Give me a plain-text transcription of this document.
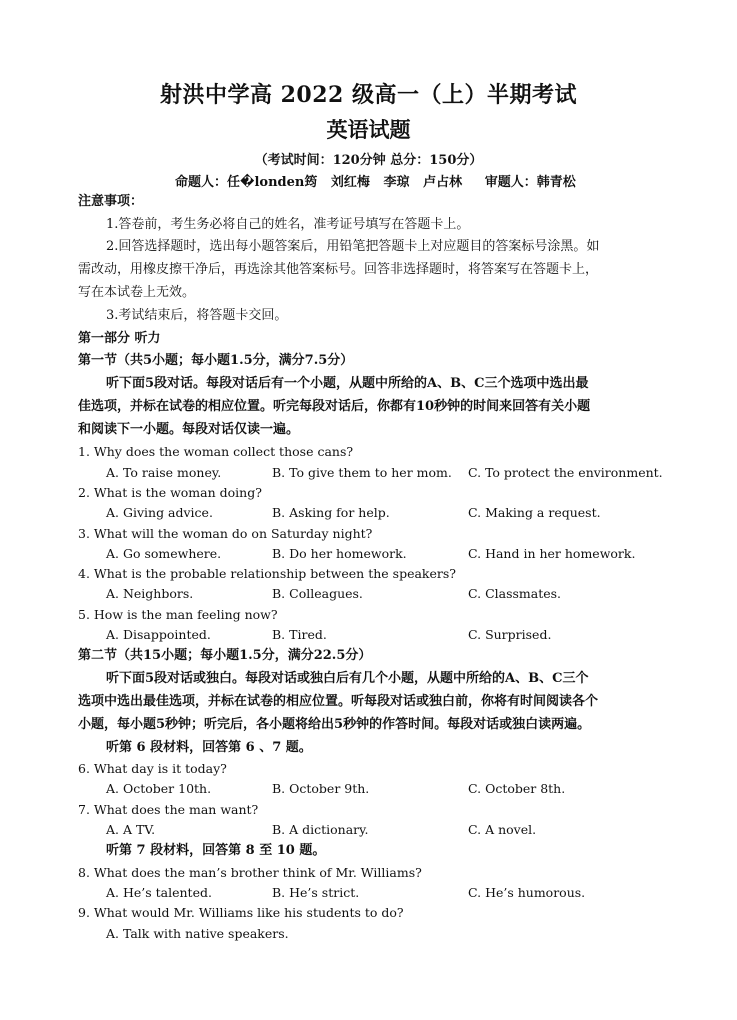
射洪中学高 2022 级高一（上）半期考试
英语试题
（考试时间：120分钟 总分：150分）
命题人：任�londen筠   刘红梅   李琼   卢占林     审题人：韩青松
注意事项：
1.答卷前，考生务必将自己的姓名，准考证号填写在答题卡上。
2.回答选择题时，选出每小题答案后，用铅笔把答题卡上对应题目的答案标号涂黑。如
需改动，用橡皮擦干净后，再选涂其他答案标号。回答非选择题时，将答案写在答题卡上，
写在本试卷上无效。
3.考试结束后，将答题卡交回。
第一部分 听力
第一节（共5小题；每小题1.5分，满分7.5分）
听下面5段对话。每段对话后有一个小题，从题中所给的A、B、C三个选项中选出最
佳选项，并标在试卷的相应位置。听完每段对话后，你都有10秒钟的时间来回答有关小题
和阅读下一小题。每段对话仅读一遍。
1. Why does the woman collect those cans?
A. To raise money.	B. To give them to her mom. C. To protect the environment.
2. What is the woman doing?
A. Giving advice.	B. Asking for help.	C. Making a request.
3. What will the woman do on Saturday night?
A. Go somewhere.	B. Do her homework.	C. Hand in her homework.
4. What is the probable relationship between the speakers?
A. Neighbors.	B. Colleagues.	C. Classmates.
5. How is the man feeling now?
A. Disappointed.	B. Tired.	C. Surprised.
第二节（共15小题；每小题1.5分，满分22.5分）
听下面5段对话或独白。每段对话或独白后有几个小题，从题中所给的A、B、C三个
选项中选出最佳选项，并标在试卷的相应位置。听每段对话或独白前，你将有时间阅读各个
小题，每小题5秒钟；听完后，各小题将给出5秒钟的作答时间。每段对话或独白读两遍。
听第 6 段材料，回答第 6 、7 题。
6. What day is it today?
A. October 10th.	B. October 9th.	C. October 8th.
7. What does the man want?
A. A TV.	B. A dictionary.	C. A novel.
听第 7 段材料，回答第 8 至 10 题。
8. What does the man’s brother think of Mr. Williams?
A. He’s talented.	B. He’s strict.	C. He’s humorous.
9. What would Mr. Williams like his students to do?
A. Talk with native speakers.
